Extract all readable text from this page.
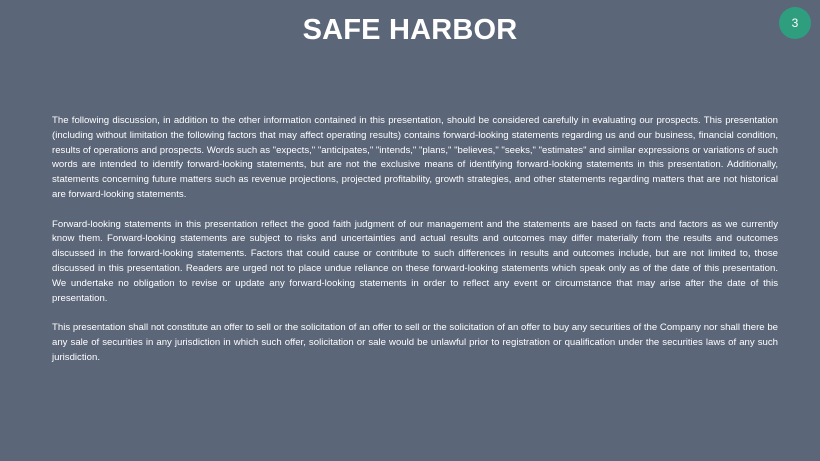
SAFE HARBOR	3

The following discussion, in addition to the other information contained in this presentation, should be considered carefully in evaluating our prospects. This presentation (including without limitation the following factors that may affect operating results) contains forward-looking statements regarding us and our business, financial condition, results of operations and prospects. Words such as "expects," "anticipates," "intends," "plans," "believes," "seeks," "estimates" and similar expressions or variations of such words are intended to identify forward-looking statements, but are not the exclusive means of identifying forward-looking statements in this presentation. Additionally, statements concerning future matters such as revenue projections, projected profitability, growth strategies, and other statements regarding matters that are not historical are forward-looking statements.

Forward-looking statements in this presentation reflect the good faith judgment of our management and the statements are based on facts and factors as we currently know them. Forward-looking statements are subject to risks and uncertainties and actual results and outcomes may differ materially from the results and outcomes discussed in the forward-looking statements. Factors that could cause or contribute to such differences in results and outcomes include, but are not limited to, those discussed in this presentation. Readers are urged not to place undue reliance on these forward-looking statements which speak only as of the date of this presentation. We undertake no obligation to revise or update any forward-looking statements in order to reflect any event or circumstance that may arise after the date of this presentation.

This presentation shall not constitute an offer to sell or the solicitation of an offer to sell or the solicitation of an offer to buy any securities of the Company nor shall there be any sale of securities in any jurisdiction in which such offer, solicitation or sale would be unlawful prior to registration or qualification under the securities laws of any such jurisdiction.
